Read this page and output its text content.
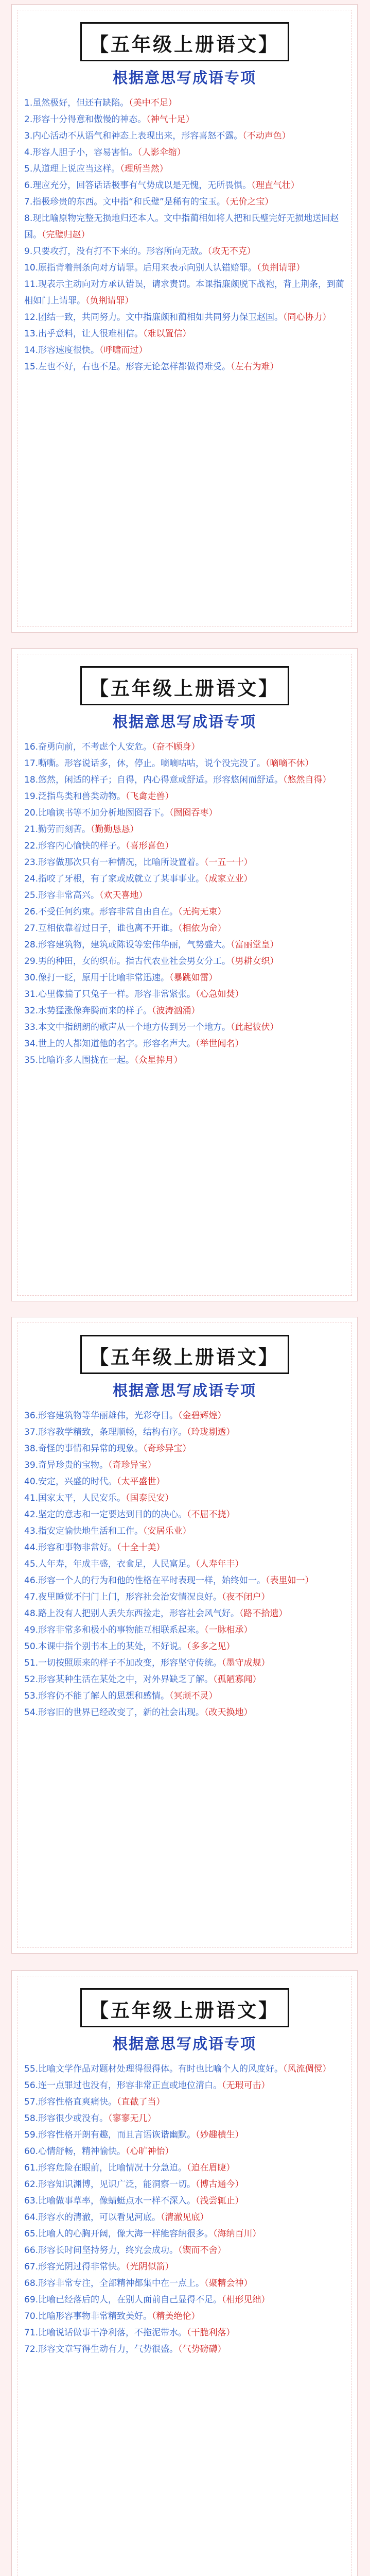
【五年级上册语文】
根据意思写成语专项

1.虽然极好，但还有缺陷。（美中不足）

2.形容十分得意和傲慢的神态。（神气十足）

3.内心活动不从语气和神态上表现出来，形容喜怒不露。（不动声色）

4.形容人胆子小，容易害怕。（人影伞缩）

5.从道理上说应当这样。（理所当然）

6.理应充分，回答话话极事有气势成以是无愧，无所畏惧。（理直气壮）

7.指极珍贵的东西。文中指“和氏璧”是稀有的宝玉。（无价之宝）

8.现比喻原物完整无损地归还本人。文中指蔺相如将人把和氏璧完好无损地送回赵国。（完璧归赵）

9.只要攻打，没有打不下来的。形容所向无敌。（攻无不克）

10.原指背着荆条向对方请罪。后用来表示向别人认错赔罪。（负荆请罪）

11.现表示主动向对方承认错误，请求责罚。本课指廉颇脱下战袍，背上荆条，到蔺相如门上请罪。（负荆请罪）

12.团结一致，共同努力。文中指廉颇和蔺相如共同努力保卫赵国。（同心协力）

13.出乎意料，让人很难相信。（难以置信）

14.形容速度很快。（呼啸而过）

15.左也不好，右也不是。形容无论怎样都做得难受。（左右为难）

【五年级上册语文】
根据意思写成语专项

16.奋勇向前，不考虑个人安危。（奋不顾身）

17.嘶嘶。形容说话多，休，停止。嘀嘀咕咕，说个没完没了。（嘀嘀不休）

18.悠然，闲适的样子；自得，内心得意或舒适。形容悠闲而舒适。（悠然自得）

19.泛指鸟类和兽类动物。（飞禽走兽）

20.比喻读书等不加分析地囫囵吞下。（囫囵吞枣）

21.勤劳而刻苦。（勤勤恳恳）

22.形容内心愉快的样子。（喜形喜色）

23.形容做那次只有一种情况，比喻所设置着。（一五一十）

24.指咬了牙根，有了家或成就立了某事事业。（成家立业）

25.形容非常高兴。（欢天喜地）

26.不受任何约束。形容非常自由自在。（无拘无束）

27.互相依靠着过日子，谁也离不开谁。（相依为命）

28.形容建筑物，建筑或陈设等宏伟华丽，气势盛大。（富丽堂皇）

29.男的种田，女的织布。指古代农业社会男女分工。（男耕女织）

30.像打一眨，原用于比喻非常迅速。（暴跳如雷）

31.心里像揣了只兔子一样。形容非常紧张。（心急如焚）

32.水势猛涨像奔腾而来的样子。（波涛汹涌）

33.本文中指朗朗的歌声从一个地方传到另一个地方。（此起彼伏）

34.世上的人都知道他的名字。形容名声大。（举世闻名）

35.比喻许多人围拢在一起。（众星捧月）

【五年级上册语文】
根据意思写成语专项

36.形容建筑物等华丽雄伟，光彩夺目。（金碧辉煌）

37.形容教学精致，条理顺畅，结构有序。（玲珑剔透）

38.奇怪的事情和异常的现象。（奇珍异宝）

39.奇异珍贵的宝物。（奇珍异宝）

40.安定，兴盛的时代。（太平盛世）

41.国家太平，人民安乐。（国泰民安）

42.坚定的意志和一定要达到目的的决心。（不屈不挠）

43.指安定愉快地生活和工作。（安居乐业）

44.形容和事物非常好。（十全十美）

45.人年寿，年成丰盛，衣食足，人民富足。（人寿年丰）

46.形容一个人的行为和他的性格在平时表现一样，始终如一。（表里如一）

47.夜里睡觉不闩门上门，形容社会治安情况良好。（夜不闭户）

48.路上没有人把别人丢失东西捡走，形容社会风气好。（路不拾遗）

49.形容非常多和极小的事物能互相联系起来。（一脉相承）

50.本课中指个别书本上的某处，不好说。（多多之见）

51.一切按照原来的样子不加改变，形容坚守传统。（墨守成规）

52.形容某种生活在某处之中，对外界缺乏了解。（孤陋寡闻）

53.形容仍不能了解人的思想和感情。（冥顽不灵）

54.形容旧的世界已经改变了，新的社会出现。（改天换地）

【五年级上册语文】
根据意思写成语专项

55.比喻文学作品对题材处理得很得体。有时也比喻个人的风度好。（风流倜傥）

56.连一点罪过也没有，形容非常正直或地位清白。（无瑕可击）

57.形容性格直爽痛快。（直截了当）

58.形容很少或没有。（寥寥无几）

59.形容性格开朗有趣，而且言语诙谐幽默。（妙趣横生）

60.心情舒畅，精神愉快。（心旷神怡）

61.形容危险在眼前，比喻情况十分急迫。（迫在眉睫）

62.形容知识渊博，见识广泛，能洞察一切。（博古通今）

63.比喻做事草率，像蜻蜓点水一样不深入。（浅尝辄止）

64.形容水的清澈，可以看见河底。（清澈见底）

65.比喻人的心胸开阔，像大海一样能容纳很多。（海纳百川）

66.形容长时间坚持努力，终究会成功。（锲而不舍）

67.形容光阴过得非常快。（光阴似箭）

68.形容非常专注，全部精神都集中在一点上。（聚精会神）

69.比喻已经落后的人，在别人面前自己显得不足。（相形见绌）

70.比喻形容事物非常精致美好。（精美绝伦）

71.比喻说话做事干净利落，不拖泥带水。（干脆利落）

72.形容文章写得生动有力，气势很盛。（气势磅礴）
